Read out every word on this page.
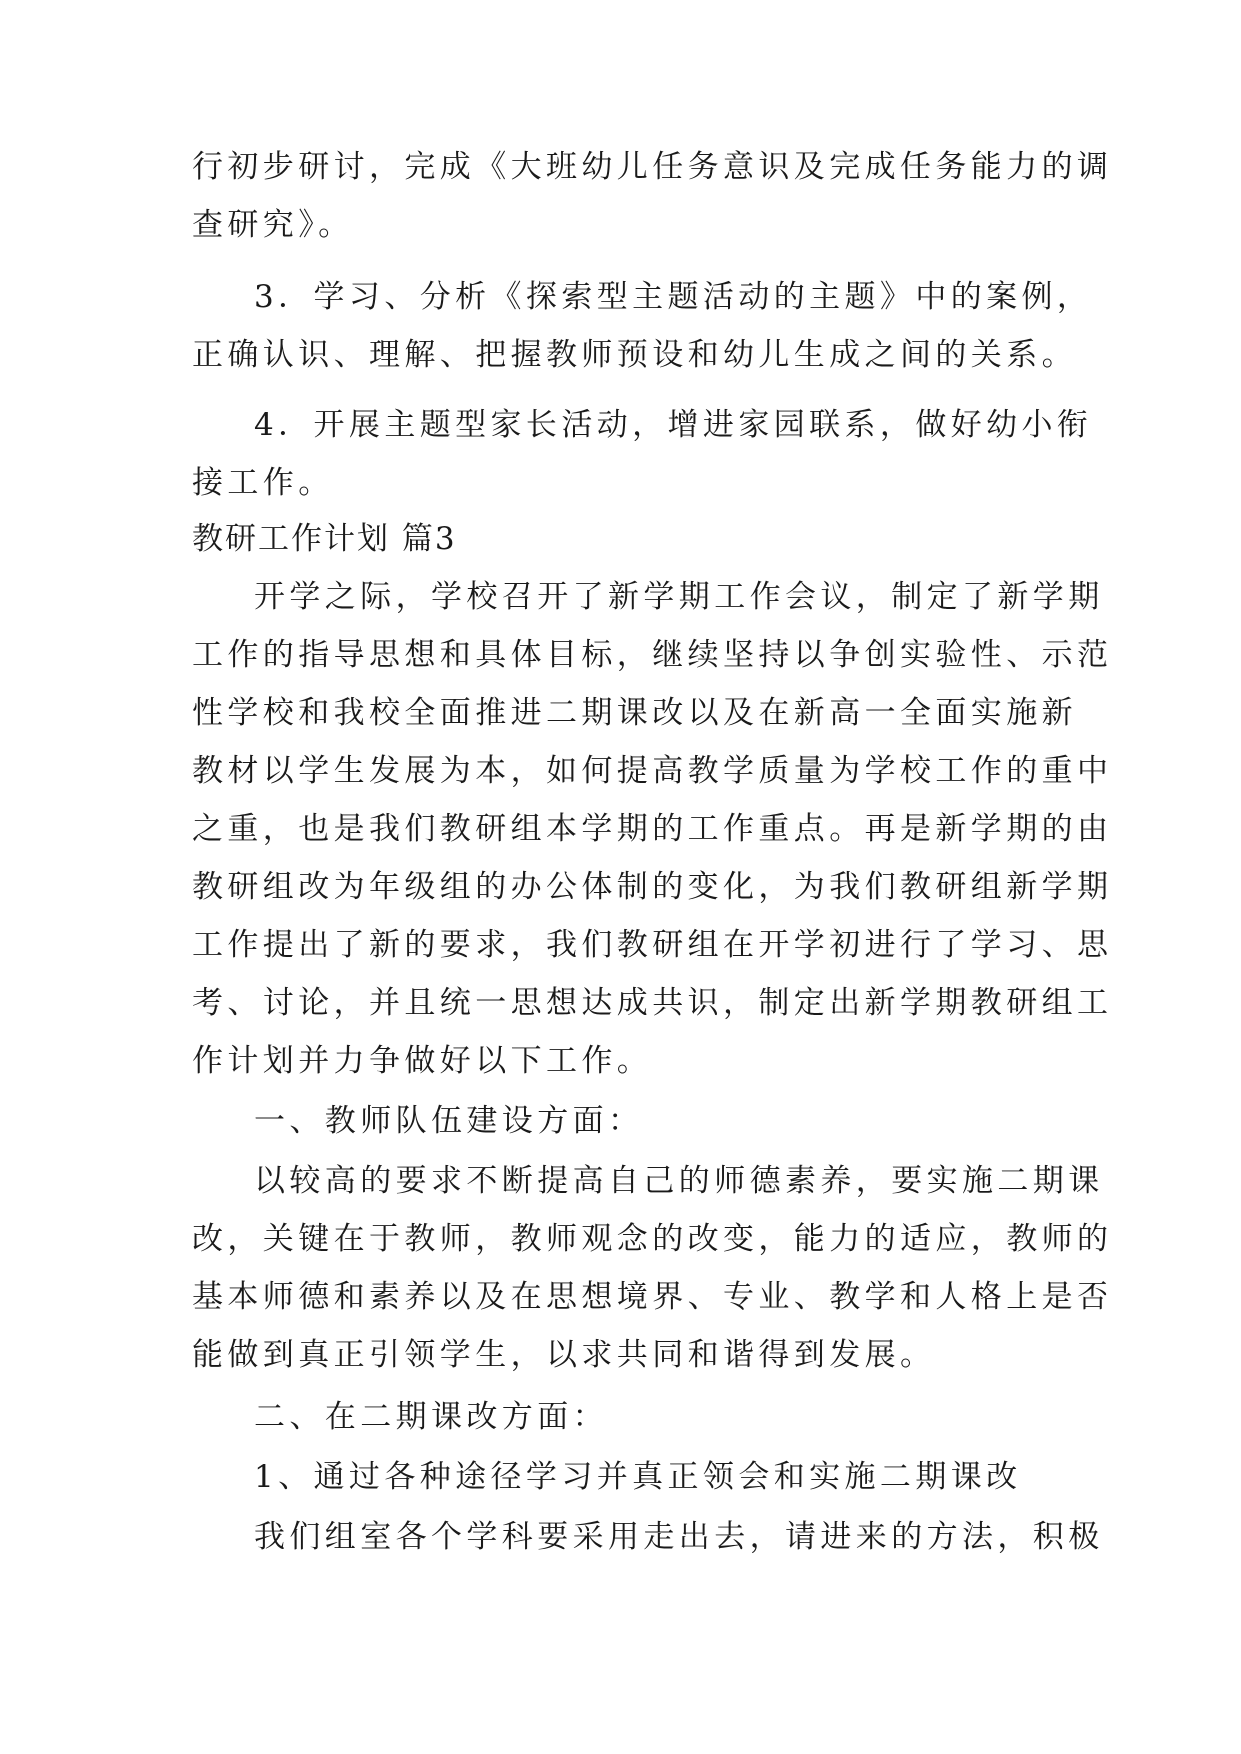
行初步研讨，完成《大班幼儿任务意识及完成任务能力的调
查研究》。
3．学习、分析《探索型主题活动的主题》中的案例，
正确认识、理解、把握教师预设和幼儿生成之间的关系。
4．开展主题型家长活动，增进家园联系，做好幼小衔
接工作。
教研工作计划 篇3
开学之际，学校召开了新学期工作会议，制定了新学期
工作的指导思想和具体目标，继续坚持以争创实验性、示范
性学校和我校全面推进二期课改以及在新高一全面实施新
教材以学生发展为本，如何提高教学质量为学校工作的重中
之重，也是我们教研组本学期的工作重点。再是新学期的由
教研组改为年级组的办公体制的变化，为我们教研组新学期
工作提出了新的要求，我们教研组在开学初进行了学习、思
考、讨论，并且统一思想达成共识，制定出新学期教研组工
作计划并力争做好以下工作。
一、教师队伍建设方面：
以较高的要求不断提高自己的师德素养，要实施二期课
改，关键在于教师，教师观念的改变，能力的适应，教师的
基本师德和素养以及在思想境界、专业、教学和人格上是否
能做到真正引领学生，以求共同和谐得到发展。
二、在二期课改方面：
1、通过各种途径学习并真正领会和实施二期课改
我们组室各个学科要采用走出去，请进来的方法，积极
